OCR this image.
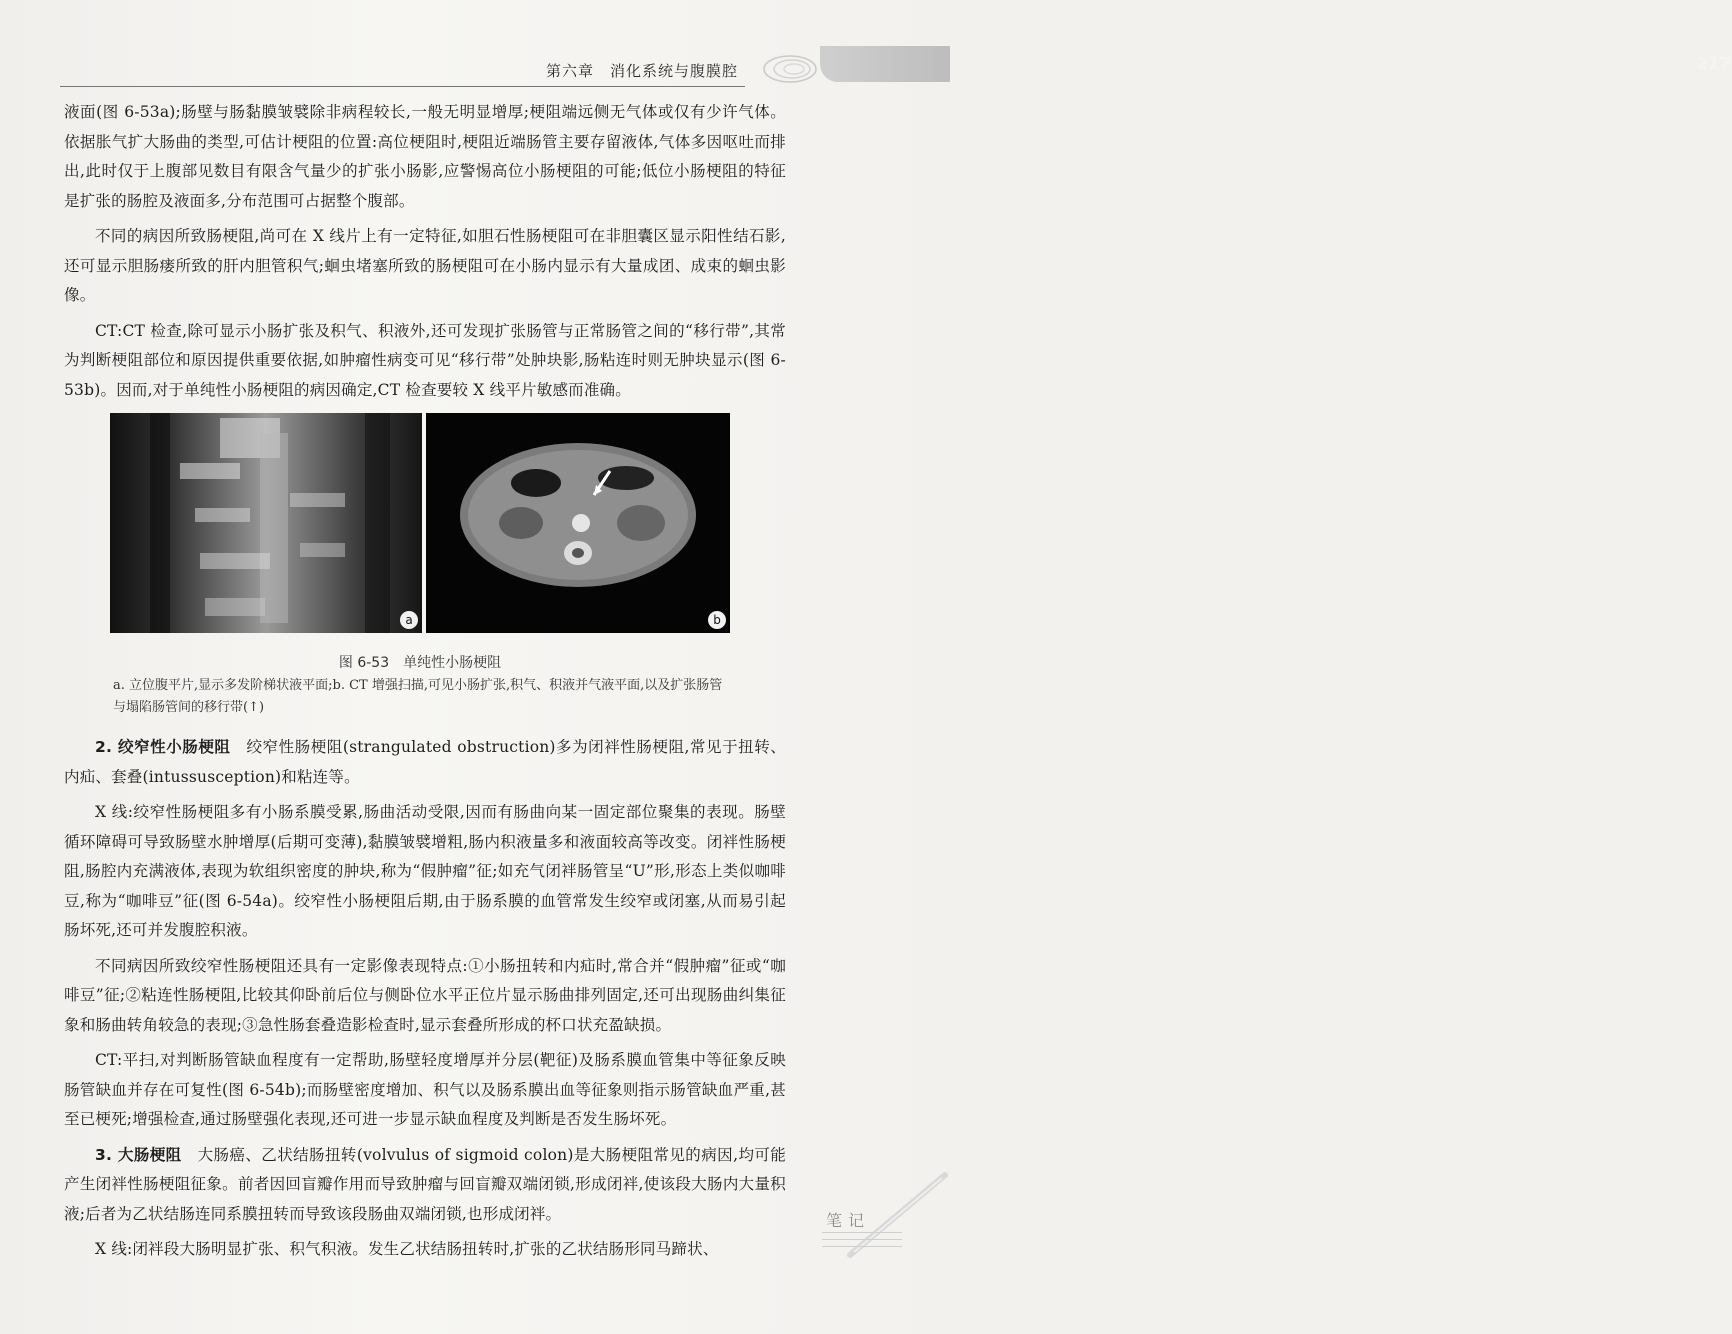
第六章　消化系统与腹膜腔	217

液面(图 6-53a);肠壁与肠黏膜皱襞除非病程较长,一般无明显增厚;梗阻端远侧无气体或仅有少许气体。依据胀气扩大肠曲的类型,可估计梗阻的位置:高位梗阻时,梗阻近端肠管主要存留液体,气体多因呕吐而排出,此时仅于上腹部见数目有限含气量少的扩张小肠影,应警惕高位小肠梗阻的可能;低位小肠梗阻的特征是扩张的肠腔及液面多,分布范围可占据整个腹部。

不同的病因所致肠梗阻,尚可在 X 线片上有一定特征,如胆石性肠梗阻可在非胆囊区显示阳性结石影,还可显示胆肠瘘所致的肝内胆管积气;蛔虫堵塞所致的肠梗阻可在小肠内显示有大量成团、成束的蛔虫影像。

CT:CT 检查,除可显示小肠扩张及积气、积液外,还可发现扩张肠管与正常肠管之间的“移行带”,其常为判断梗阻部位和原因提供重要依据,如肿瘤性病变可见“移行带”处肿块影,肠粘连时则无肿块显示(图 6-53b)。因而,对于单纯性小肠梗阻的病因确定,CT 检查要较 X 线平片敏感而准确。

a	b
图 6-53　单纯性小肠梗阻
a. 立位腹平片,显示多发阶梯状液平面;b. CT 增强扫描,可见小肠扩张,积气、积液并气液平面,以及扩张肠管与塌陷肠管间的移行带(↑)

2. 绞窄性小肠梗阻　 绞窄性肠梗阻(strangulated obstruction)多为闭袢性肠梗阻,常见于扭转、内疝、套叠(intussusception)和粘连等。

X 线:绞窄性肠梗阻多有小肠系膜受累,肠曲活动受限,因而有肠曲向某一固定部位聚集的表现。肠壁循环障碍可导致肠壁水肿增厚(后期可变薄),黏膜皱襞增粗,肠内积液量多和液面较高等改变。闭袢性肠梗阻,肠腔内充满液体,表现为软组织密度的肿块,称为“假肿瘤”征;如充气闭袢肠管呈“U”形,形态上类似咖啡豆,称为“咖啡豆”征(图 6-54a)。绞窄性小肠梗阻后期,由于肠系膜的血管常发生绞窄或闭塞,从而易引起肠坏死,还可并发腹腔积液。

不同病因所致绞窄性肠梗阻还具有一定影像表现特点:①小肠扭转和内疝时,常合并“假肿瘤”征或“咖啡豆”征;②粘连性肠梗阻,比较其仰卧前后位与侧卧位水平正位片显示肠曲排列固定,还可出现肠曲纠集征象和肠曲转角较急的表现;③急性肠套叠造影检查时,显示套叠所形成的杯口状充盈缺损。

CT:平扫,对判断肠管缺血程度有一定帮助,肠壁轻度增厚并分层(靶征)及肠系膜血管集中等征象反映肠管缺血并存在可复性(图 6-54b);而肠壁密度增加、积气以及肠系膜出血等征象则指示肠管缺血严重,甚至已梗死;增强检查,通过肠壁强化表现,还可进一步显示缺血程度及判断是否发生肠坏死。

3. 大肠梗阻　 大肠癌、乙状结肠扭转(volvulus of sigmoid colon)是大肠梗阻常见的病因,均可能产生闭袢性肠梗阻征象。前者因回盲瓣作用而导致肿瘤与回盲瓣双端闭锁,形成闭袢,使该段大肠内大量积液;后者为乙状结肠连同系膜扭转而导致该段肠曲双端闭锁,也形成闭袢。

X 线:闭袢段大肠明显扩张、积气积液。发生乙状结肠扭转时,扩张的乙状结肠形同马蹄状、

笔记
